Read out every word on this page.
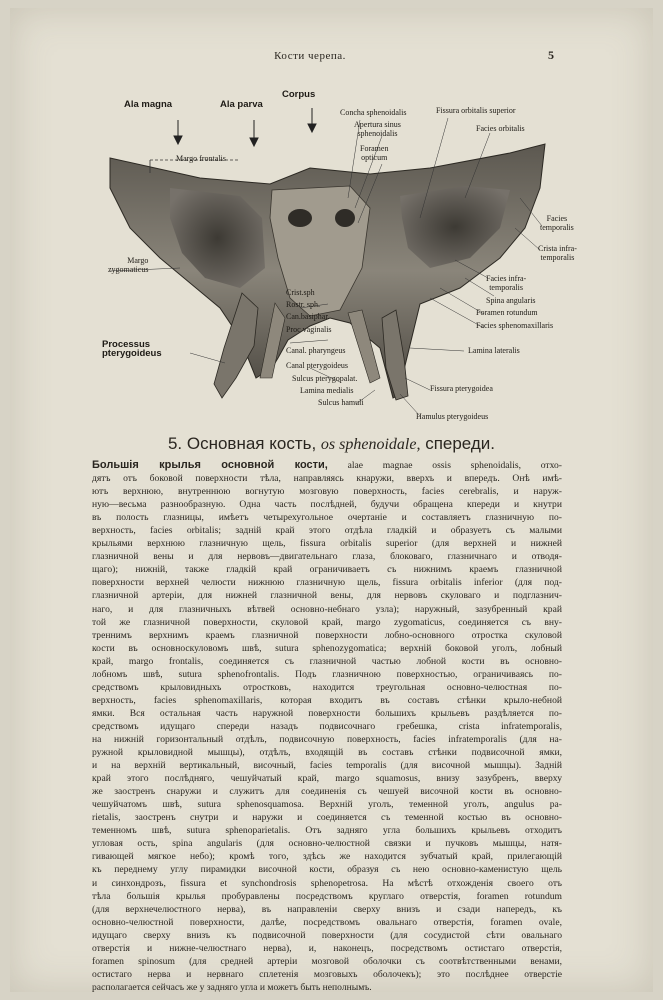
Кости черепа.	5
Ala magna	Ala parva
Corpus
Margo frontalis
Concha sphenoidalis
Apertura sinus
sphenoidalis
Foramen
opticum
Fissura orbitalis superior
Facies orbitalis
Facies
temporalis
Crista infra-
temporalis
Facies infra-
temporalis
Spina angularis
Foramen rotundum
Facies sphenomaxillaris
Lamina lateralis
Fissura pterygoidea
Hamulus pterygoideus
Margo
zygomaticus
Processus
pterygoideus
Crist.sph
Rostr. sph.
Can.basiphar.
Proc vaginalis
Canal. pharyngeus
Canal pterygoideus
Sulcus pterygopalat.
Lamina medialis
Sulcus hamuli
5. Основная кость, os sphenoidale, спереди.
Большія крылья основной кости, alae magnae ossis sphenoidalis, отхо-
дятъ отъ боковой поверхности тѣла, направляясь кнаружи, вверхъ и впередъ. Онѣ имѣ-
ютъ верхнюю, внутреннюю вогнутую мозговую поверхность, facies cerebralis, и наруж-
ную—весьма разнообразную. Одна часть послѣдней, будучи обращена кпереди и кнутри
въ полость глазницы, имѣетъ четырехугольное очертаніе и составляетъ глазничную по-
верхность, facies orbitalis; задній край этого отдѣла гладкій и образуетъ съ малыми
крыльями верхнюю глазничную щель, fissura orbitalis superior (для верхней и нижней
глазничной вены и для нервовъ—двигательнаго глаза, блоковаго, глазничнаго и отводя-
щаго); нижній, также гладкій край ограничиваетъ съ нижнимъ краемъ глазничной
поверхности верхней челюсти нижнюю глазничную щель, fissura orbitalis inferior (для под-
глазничной артеріи, для нижней глазничной вены, для нервовъ скуловаго и подглазнич-
наго, и для глазничныхъ вѣтвей основно-небнаго узла); наружный, зазубренный край
той же глазничной поверхности, скуловой край, margo zygomaticus, соединяется съ вну-
треннимъ верхнимъ краемъ глазничной поверхности лобно-основного отростка скуловой
кости въ основноскуловомъ швѣ, sutura sphenozygomatica; верхній боковой уголъ, лобный
край, margo frontalis, соединяется съ глазничной частью лобной кости въ основно-
лобномъ швѣ, sutura sphenofrontalis. Подъ глазничною поверхностью, ограничиваясь по-
средствомъ крыловидныхъ отростковъ, находится треугольная основно-челюстная по-
верхность, facies sphenomaxillaris, которая входитъ въ составъ стѣнки крыло-небной
ямки. Вся остальная часть наружной поверхности большихъ крыльевъ раздѣляется по-
средствомъ идущаго спереди назадъ подвисочнаго гребешка, crista infratemporalis,
на нижній горизонтальный отдѣлъ, подвисочную поверхность, facies infratemporalis (для на-
ружной крыловидной мышцы), отдѣлъ, входящій въ составъ стѣнки подвисочной ямки,
и на верхній вертикальный, височный, facies temporalis (для височной мышцы). Задній
край этого послѣдняго, чешуйчатый край, margo squamosus, внизу зазубренъ, вверху
же заостренъ снаружи и служитъ для соединенія съ чешуей височной кости въ основно-
чешуйчатомъ швѣ, sutura sphenosquamosa. Верхній уголъ, теменной уголъ, angulus pa-
rietalis, заостренъ снутри и наружи и соединяется съ теменной костью въ основно-
теменномъ швѣ, sutura sphenoparietalis. Отъ задняго угла большихъ крыльевъ отходитъ
угловая ость, spina angularis (для основно-челюстной связки и пучковъ мышцы, натя-
гивающей мягкое небо); кромѣ того, здѣсь же находится зубчатый край, прилегающій
къ переднему углу пирамидки височной кости, образуя съ нею основно-каменистую щель
и синхондрозъ, fissura et synchondrosis sphenopetrosa. На мѣстѣ отхожденія своего отъ
тѣла большія крылья пробуравлены посредствомъ круглаго отверстія, foramen rotundum
(для верхнечелюстного нерва), въ направленіи сверху внизъ и сзади напередъ, къ
основно-челюстной поверхности, далѣе, посредствомъ овальнаго отверстія, foramen ovale,
идущаго сверху внизъ къ подвисочной поверхности (для сосудистой сѣти овальнаго
отверстія и нижне-челюстнаго нерва), и, наконецъ, посредствомъ остистаго отверстія,
foramen spinosum (для средней артеріи мозговой оболочки съ соотвѣтственными венами,
остистаго нерва и нервнаго сплетенія мозговыхъ оболочекъ); это послѣднее отверстіе
располагается сейчасъ же у задняго угла и можетъ быть неполнымъ.
